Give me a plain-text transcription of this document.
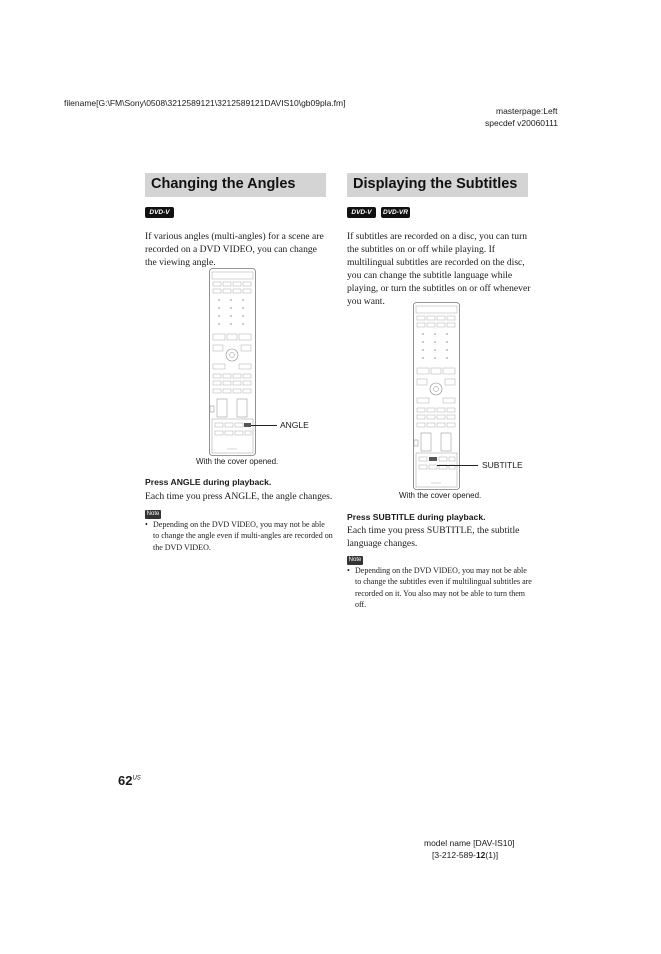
filename[G:\FM\Sony\0508\3212589121\3212589121DAVIS10\gb09pla.fm]
masterpage:Left
specdef v20060111
Changing the Angles
DVD-V
If various angles (multi-angles) for a scene are recorded on a DVD VIDEO, you can change the viewing angle.
ANGLE
With the cover opened.
Press ANGLE during playback.
Each time you press ANGLE, the angle changes.
Note
• Depending on the DVD VIDEO, you may not be able to change the angle even if multi-angles are recorded on the DVD VIDEO.
Displaying the Subtitles
DVD-V	DVD-VR
If subtitles are recorded on a disc, you can turn the subtitles on or off while playing. If multilingual subtitles are recorded on the disc, you can change the subtitle language while playing, or turn the subtitles on or off whenever you want.
SUBTITLE
With the cover opened.
Press SUBTITLE during playback.
Each time you press SUBTITLE, the subtitle language changes.
Note
• Depending on the DVD VIDEO, you may not be able to change the subtitles even if multilingual subtitles are recorded on it. You also may not be able to turn them off.
$62^{US}$
model name [DAV-IS10]
[3-212-589-12(1)]
